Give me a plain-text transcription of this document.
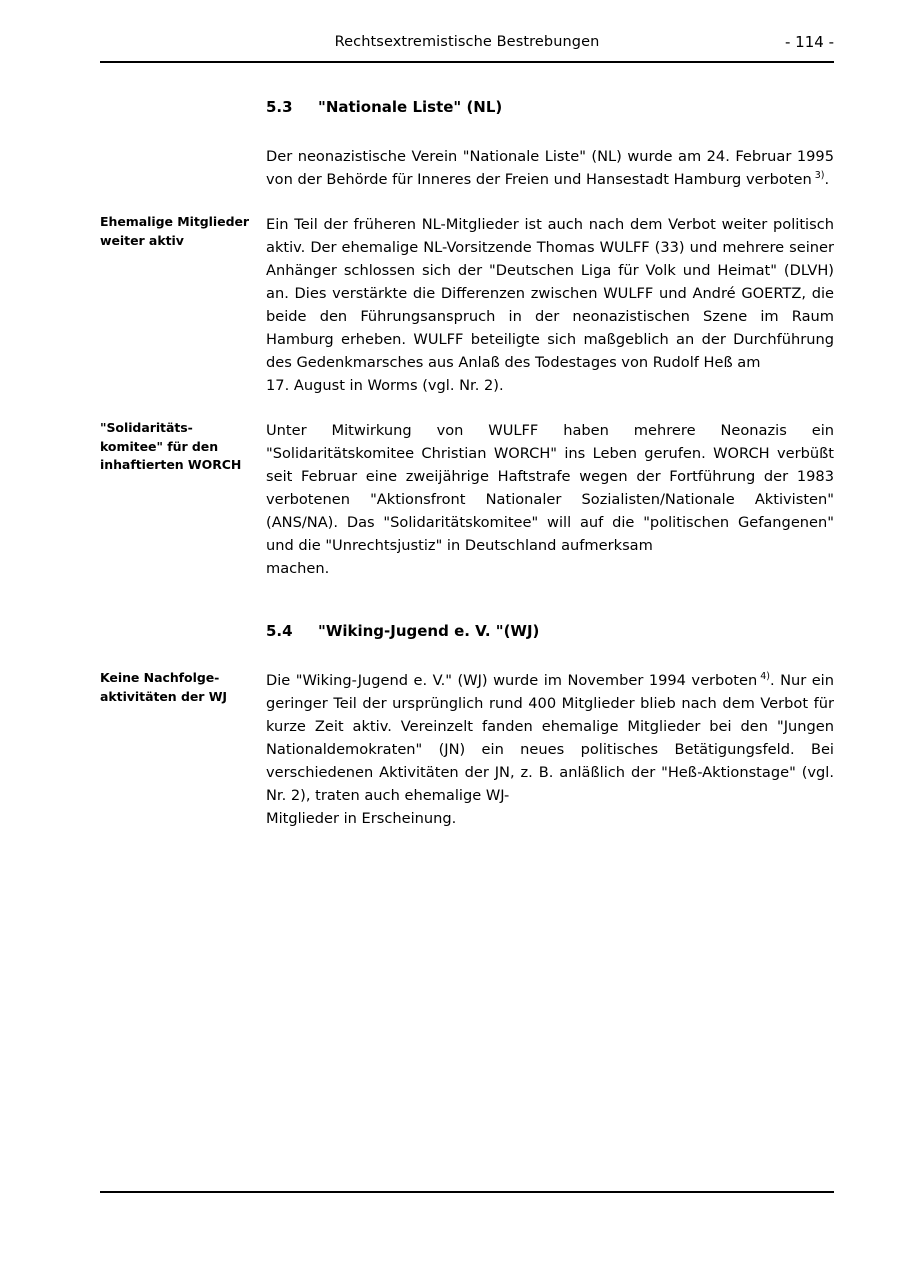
Rechtsextremistische Bestrebungen	- 114 -
5.3 "Nationale Liste" (NL)

Der neonazistische Verein "Nationale Liste" (NL) wurde am 24. Februar 1995 von der Behörde für Inneres der Freien und Hansestadt Hamburg verboten $^{3)}$.

Ehemalige Mitglieder
weiter aktiv

Ein Teil der früheren NL-Mitglieder ist auch nach dem Verbot weiter politisch aktiv. Der ehemalige NL-Vorsitzende Thomas WULFF (33) und mehrere seiner Anhänger schlossen sich der "Deutschen Liga für Volk und Heimat" (DLVH) an. Dies verstärkte die Differenzen zwischen WULFF und André GOERTZ, die beide den Führungsanspruch in der neonazistischen Szene im Raum Hamburg erheben. WULFF beteiligte sich maßgeblich an der Durchführung des Gedenkmarsches aus Anlaß des Todestages von Rudolf Heß am
17. August in Worms (vgl. Nr. 2).

"Solidaritäts-
komitee" für den
inhaftierten WORCH

Unter Mitwirkung von WULFF haben mehrere Neonazis ein "Solidaritätskomitee Christian WORCH" ins Leben gerufen. WORCH verbüßt seit Februar eine zweijährige Haftstrafe wegen der Fortführung der 1983 verbotenen "Aktionsfront Nationaler Sozialisten/Nationale Aktivisten" (ANS/NA). Das "Solidaritätskomitee" will auf die "politischen Gefangenen" und die "Unrechtsjustiz" in Deutschland aufmerksam
machen.

5.4 "Wiking-Jugend e. V. "(WJ)
Keine Nachfolge-
aktivitäten der WJ

Die "Wiking-Jugend e. V." (WJ) wurde im November 1994 verboten $^{4)}$. Nur ein geringer Teil der ursprünglich rund 400 Mitglieder blieb nach dem Verbot für kurze Zeit aktiv. Vereinzelt fanden ehemalige Mitglieder bei den "Jungen Nationaldemokraten" (JN) ein neues politisches Betätigungsfeld. Bei verschiedenen Aktivitäten der JN, z. B. anläßlich der "Heß-Aktionstage" (vgl. Nr. 2), traten auch ehemalige WJ-
Mitglieder in Erscheinung.
